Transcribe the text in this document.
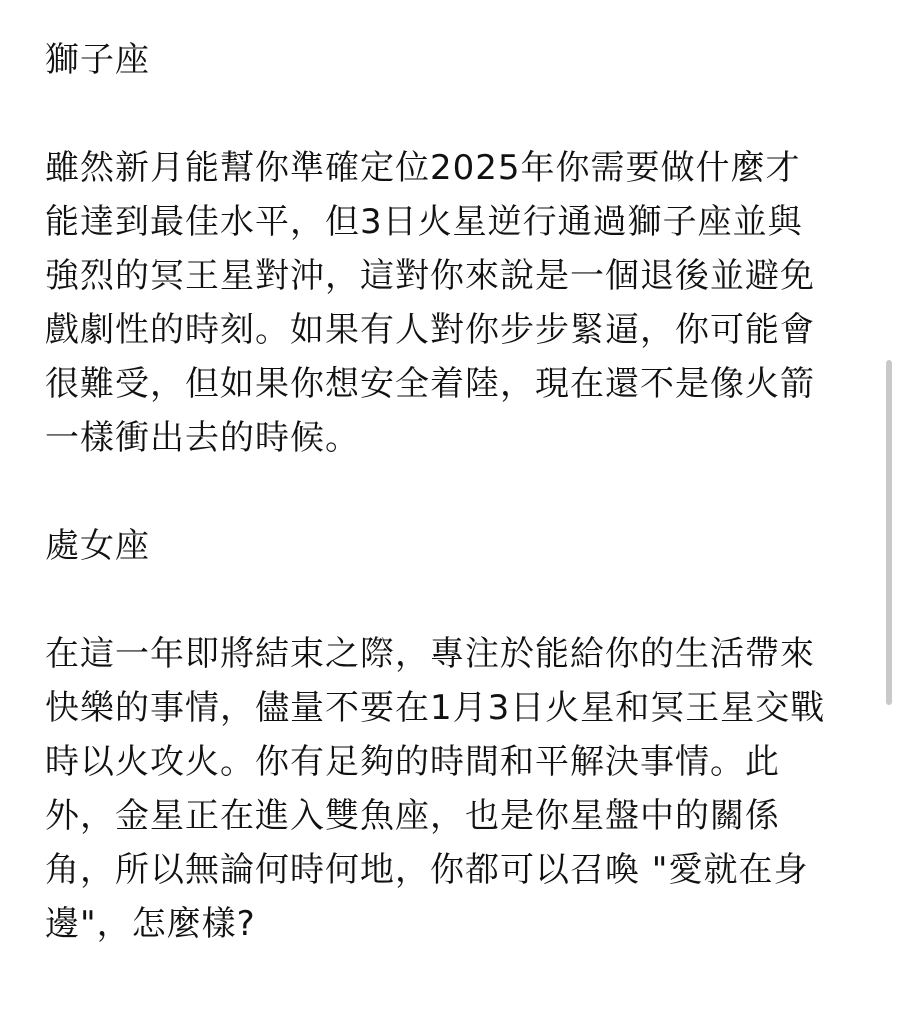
獅子座

雖然新月能幫你準確定位2025年你需要做什麼才
能達到最佳水平，但3日火星逆行通過獅子座並與
強烈的冥王星對沖，這對你來說是一個退後並避免
戲劇性的時刻。如果有人對你步步緊逼，你可能會
很難受，但如果你想安全着陸，現在還不是像火箭
一樣衝出去的時候。

處女座

在這一年即將結束之際，專注於能給你的生活帶來
快樂的事情，儘量不要在1月3日火星和冥王星交戰
時以火攻火。你有足夠的時間和平解決事情。此
外，金星正在進入雙魚座，也是你星盤中的關係
角，所以無論何時何地，你都可以召喚 "愛就在身
邊"，怎麼樣?
